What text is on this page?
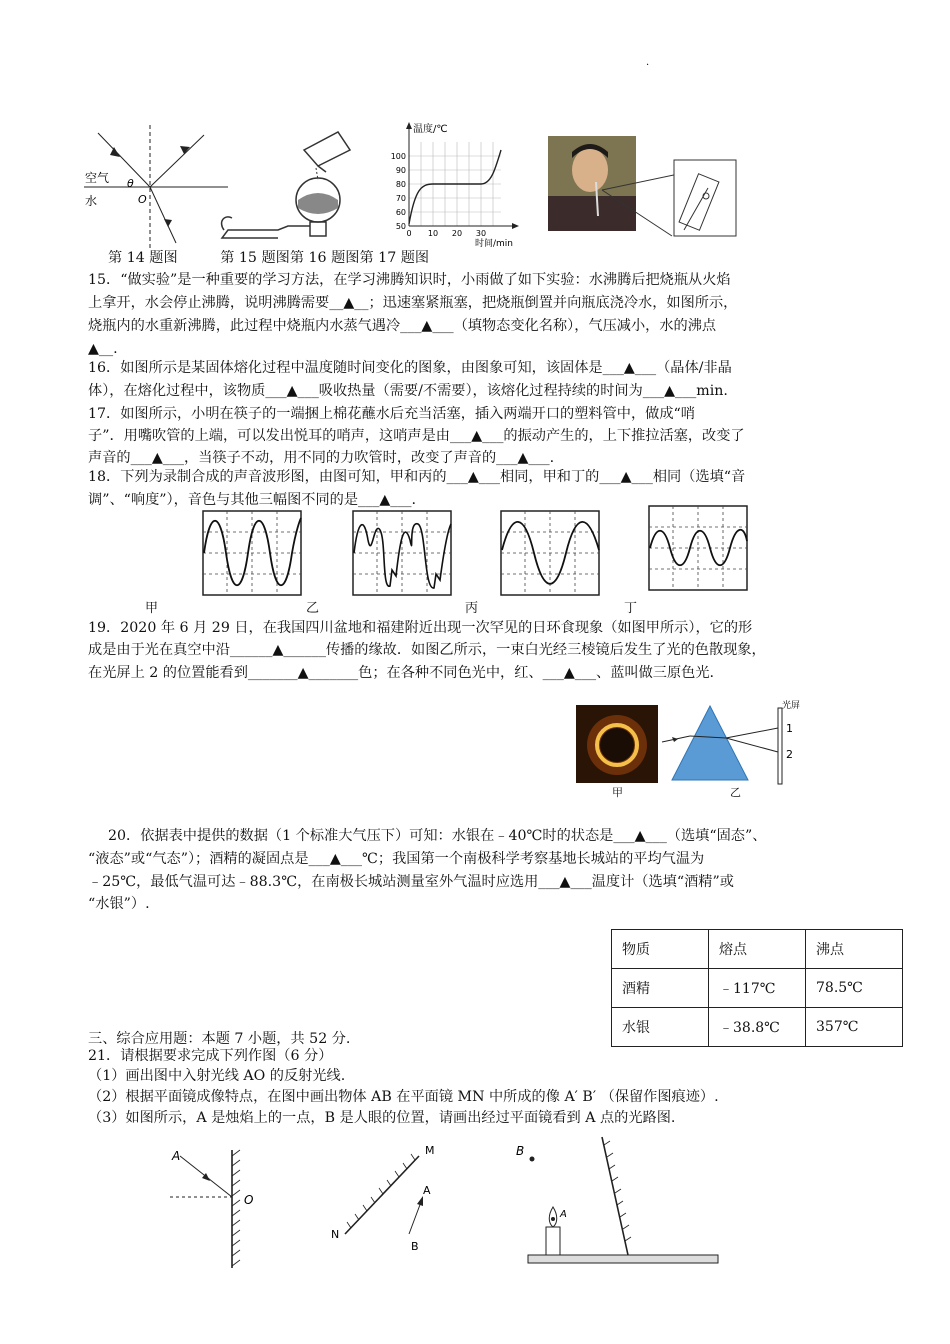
·
空气
水
θ
O
温度/℃
100
90
80
70
60
50
0 10 20 30
时间/min
第 14 题图　　　第 15 题图第 16 题图第 17 题图
15．“做实验”是一种重要的学习方法，在学习沸腾知识时，小雨做了如下实验：水沸腾后把烧瓶从火焰
上拿开，水会停止沸腾，说明沸腾需要__▲__；迅速塞紧瓶塞，把烧瓶倒置并向瓶底浇冷水，如图所示，
烧瓶内的水重新沸腾，此过程中烧瓶内水蒸气遇冷___▲___（填物态变化名称），气压减小，水的沸点
▲__.
16．如图所示是某固体熔化过程中温度随时间变化的图象，由图象可知，该固体是___▲___（晶体/非晶
体），在熔化过程中，该物质___▲___吸收热量（需要/不需要），该熔化过程持续的时间为___▲___min.
17．如图所示，小明在筷子的一端捆上棉花蘸水后充当活塞，插入两端开口的塑料管中，做成“哨
子”．用嘴吹管的上端，可以发出悦耳的哨声，这哨声是由___▲___的振动产生的，上下推拉活塞，改变了
声音的___▲___，当筷子不动，用不同的力吹管时，改变了声音的___▲___.
18．下列为录制合成的声音波形图，由图可知，甲和丙的___▲___相同，甲和丁的___▲___相同（选填“音
调”、“响度”），音色与其他三幅图不同的是___▲___.
甲	乙	丙	丁
19．2020 年 6 月 29 日，在我国四川盆地和福建附近出现一次罕见的日环食现象（如图甲所示），它的形
成是由于光在真空中沿______▲______传播的缘故．如图乙所示，一束白光经三棱镜后发生了光的色散现象，
在光屏上 2 的位置能看到_______▲_______色；在各种不同色光中，红、___▲___、蓝叫做三原色光.
甲
光屏
1
2
乙
20．依据表中提供的数据（1 个标准大气压下）可知：水银在﹣40℃时的状态是___▲___（选填“固态”、
“液态”或“气态”）；酒精的凝固点是___▲___℃；我国第一个南极科学考察基地长城站的平均气温为
﹣25℃，最低气温可达﹣88.3℃，在南极长城站测量室外气温时应选用___▲___温度计（选填“酒精”或
“水银”）.
物质	熔点	沸点
酒精	﹣117℃	78.5℃
水银	﹣38.8℃	357℃
三、综合应用题：本题 7 小题，共 52 分.
21．请根据要求完成下列作图（6 分）
（1）画出图中入射光线 AO 的反射光线.
（2）根据平面镜成像特点，在图中画出物体 AB 在平面镜 MN 中所成的像 A′ B′ （保留作图痕迹）.
（3）如图所示，A 是烛焰上的一点，B 是人眼的位置，请画出经过平面镜看到 A 点的光路图.
A
O
M
N
A
B
B
A
